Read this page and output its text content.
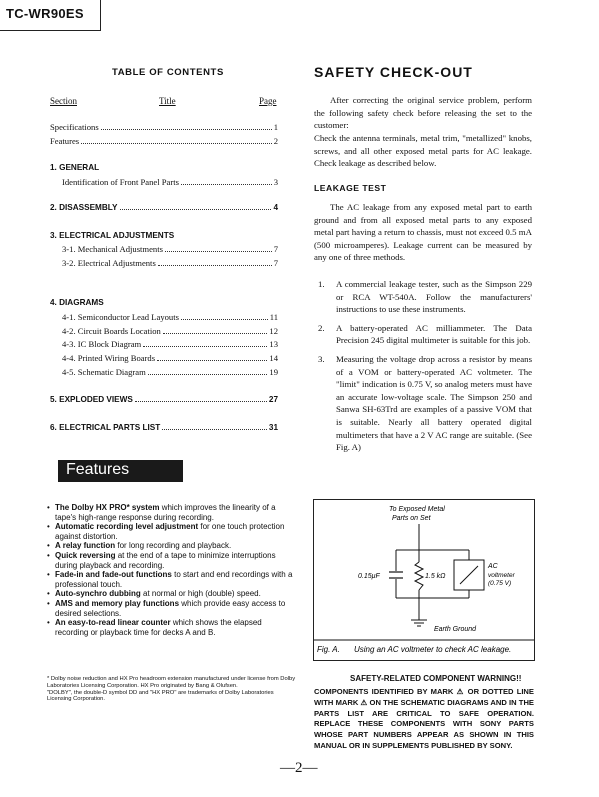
TC-WR90ES
TABLE OF CONTENTS
Section	Title	Page
Specifications	1
Features	2
1. GENERAL
Identification of Front Panel Parts	3
2. DISASSEMBLY	4
3. ELECTRICAL ADJUSTMENTS
3-1. Mechanical Adjustments	7
3-2. Electrical Adjustments	7
4. DIAGRAMS
4-1. Semiconductor Lead Layouts	11
4-2. Circuit Boards Location	12
4-3. IC Block Diagram	13
4-4. Printed Wiring Boards	14
4-5. Schematic Diagram	19
5. EXPLODED VIEWS	27
6. ELECTRICAL PARTS LIST	31
Features
• The Dolby HX PRO* system which improves the linearity of a tape's high-range response during recording.
• Automatic recording level adjustment for one touch protection against distortion.
• A relay function for long recording and playback.
• Quick reversing at the end of a tape to minimize interruptions during playback and recording.
• Fade-in and fade-out functions to start and end recordings with a professional touch.
• Auto-synchro dubbing at normal or high (double) speed.
• AMS and memory play functions which provide easy access to desired selections.
• An easy-to-read linear counter which shows the elapsed recording or playback time for decks A and B.
* Dolby noise reduction and HX Pro headroom extension manufactured under license from Dolby Laboratories Licensing Corporation. HX Pro originated by Bang & Olufsen.
"DOLBY", the double-D symbol DD and "HX PRO" are trademarks of Dolby Laboratories Licensing Corporation.
—2—
SAFETY CHECK-OUT
After correcting the original service problem, perform the following safety check before releasing the set to the customer:
Check the antenna terminals, metal trim, "metallized" knobs, screws, and all other exposed metal parts for AC leakage. Check leakage as described below.
LEAKAGE TEST
The AC leakage from any exposed metal part to earth ground and from all exposed metal parts to any exposed metal part having a return to chassis, must not exceed 0.5 mA (500 microamperes). Leakage current can be measured by any one of three methods.
1. A commercial leakage tester, such as the Simpson 229 or RCA WT-540A. Follow the manufacturers' instructions to use these instruments.
2. A battery-operated AC milliammeter. The Data Precision 245 digital multimeter is suitable for this job.
3. Measuring the voltage drop across a resistor by means of a VOM or battery-operated AC voltmeter. The "limit" indication is 0.75 V, so analog meters must have an accurate low-voltage scale. The Simpson 250 and Sanwa SH-63Trd are examples of a passive VOM that is suitable. Nearly all battery operated digital multimeters that have a 2 V AC range are suitable. (See Fig. A)
To Exposed Metal
Parts on Set
0.15μF	1.5 kΩ
AC
voltmeter
(0.75 V)
Earth Ground
Fig. A. Using an AC voltmeter to check AC leakage.
SAFETY-RELATED COMPONENT WARNING!!
COMPONENTS IDENTIFIED BY MARK ⚠ OR DOTTED LINE WITH MARK ⚠ ON THE SCHEMATIC DIAGRAMS AND IN THE PARTS LIST ARE CRITICAL TO SAFE OPERATION. REPLACE THESE COMPONENTS WITH SONY PARTS WHOSE PART NUMBERS APPEAR AS SHOWN IN THIS MANUAL OR IN SUPPLEMENTS PUBLISHED BY SONY.
